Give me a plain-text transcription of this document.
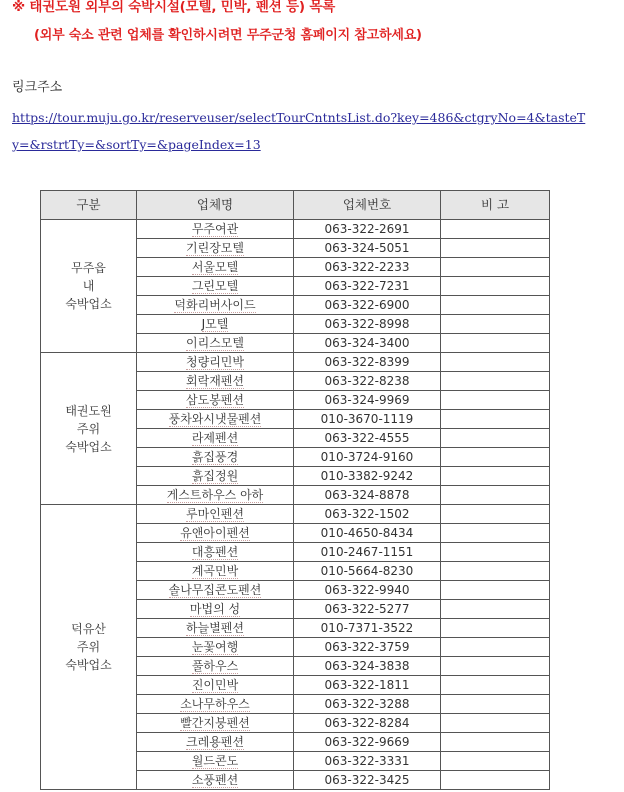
※ 태권도원 외부의 숙박시설(모텔, 민박, 펜션 등) 목록
(외부 숙소 관련 업체를 확인하시려면 무주군청 홈페이지 참고하세요)
링크주소
https://tour.muju.go.kr/reserveuser/selectTourCntntsList.do?key=486&ctgryNo=4&tasteTy=&rstrtTy=&sortTy=&pageIndex=13
구분	업체명	업체번호	비 고

무주읍
내
숙박업소	무주여관	063-322-2691	
	기린장모텔	063-324-5051	
	서울모텔	063-322-2233	
	그린모텔	063-322-7231	
	덕화리버사이드	063-322-6900	
	J모텔	063-322-8998	
	이리스모텔	063-324-3400	

태권도원
주위
숙박업소	청량리민박	063-322-8399	
	회락재펜션	063-322-8238	
	삼도봉펜션	063-324-9969	
	풍차와시냇물펜션	010-3670-1119	
	라제펜션	063-322-4555	
	흙집풍경	010-3724-9160	
	흙집정원	010-3382-9242	
	게스트하우스 아하	063-324-8878	

덕유산
주위
숙박업소	루마인펜션	063-322-1502	
	유앤아이펜션	010-4650-8434	
	대흥펜션	010-2467-1151	
	계곡민박	010-5664-8230	
	솔나무집콘도펜션	063-322-9940	
	마법의 성	063-322-5277	
	하늘별펜션	010-7371-3522	
	눈꽃여행	063-322-3759	
	풀하우스	063-324-3838	
	진이민박	063-322-1811	
	소나무하우스	063-322-3288	
	빨간지붕펜션	063-322-8284	
	크레용펜션	063-322-9669	
	월드콘도	063-322-3331	
	소풍펜션	063-322-3425	
